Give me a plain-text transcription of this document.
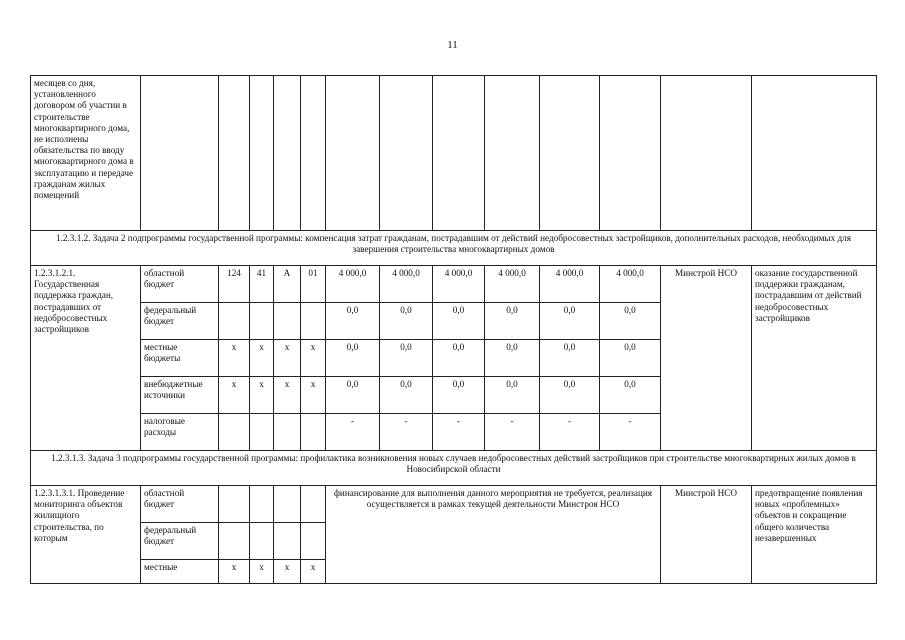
11
месяцев со дня, установленного договором об участии в строительстве многоквартирного дома, не исполнены обязательства по вводу многоквартирного дома в эксплуатацию и передаче гражданам жилых помещений													
1.2.3.1.2. Задача 2 подпрограммы государственной программы: компенсация затрат гражданам, пострадавшим от действий недобросовестных застройщиков, дополнительных расходов, необходимых для завершения строительства многоквартирных домов													
1.2.3.1.2.1. Государственная поддержка граждан, пострадавших от недобросовестных застройщиков	областной бюджет	124	41	А	01	4 000,0	4 000,0	4 000,0	4 000,0	4 000,0	4 000,0	Минстрой НСО	оказание государственной поддержки гражданам, пострадавшим от действий недобросовестных застройщиков
	федеральный бюджет					0,0	0,0	0,0	0,0	0,0	0,0		
	местные бюджеты	х	х	х	х	0,0	0,0	0,0	0,0	0,0	0,0		
	внебюджетные источники	х	х	х	х	0,0	0,0	0,0	0,0	0,0	0,0		
	налоговые расходы					-	-	-	-	-	-		
1.2.3.1.3. Задача 3 подпрограммы государственной программы: профилактика возникновения новых случаев недобросовестных действий застройщиков при строительстве многоквартирных жилых домов в Новосибирской области													
1.2.3.1.3.1. Проведение мониторинга объектов жилищного строительства, по которым	областной бюджет					финансирование для выполнения данного мероприятия не требуется, реализация осуществляется в рамках текущей деятельности Минстроя НСО						Минстрой НСО	предотвращение появления новых «проблемных» объектов и сокращение общего количества незавершенных
	федеральный бюджет												
	местные	х	х	х	х								
